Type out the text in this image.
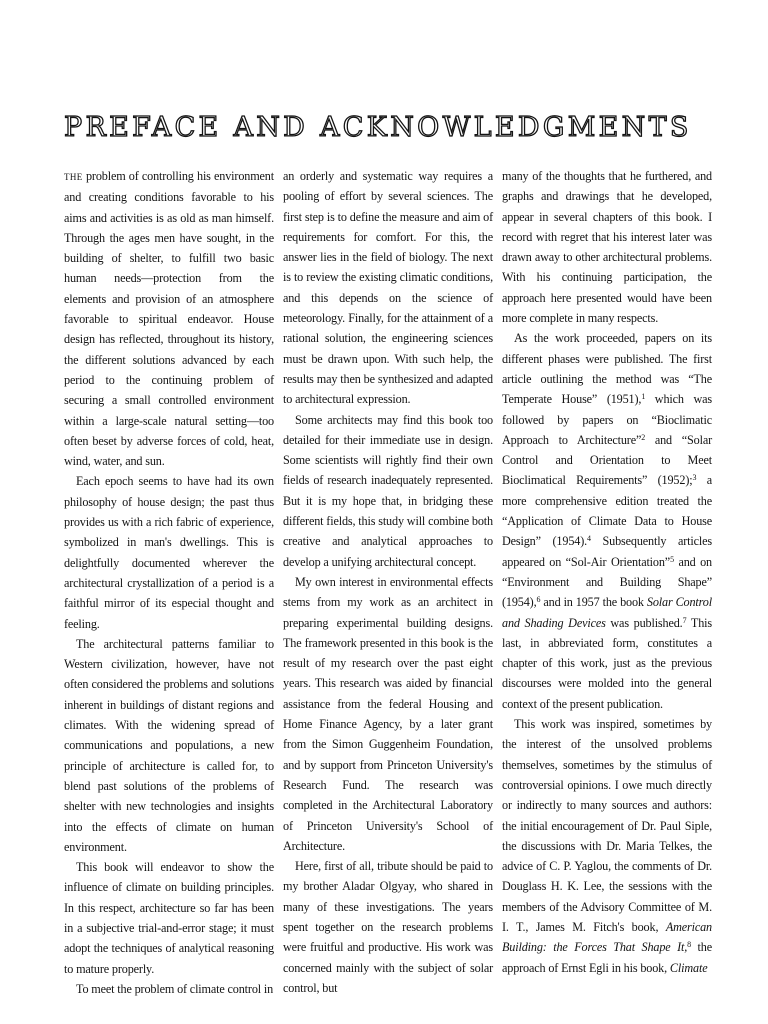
PREFACE AND ACKNOWLEDGMENTS

THE problem of controlling his environment and creating conditions favorable to his aims and activities is as old as man himself. Through the ages men have sought, in the building of shelter, to fulfill two basic human needs—protection from the elements and provision of an atmosphere favorable to spiritual endeavor. House design has reflected, throughout its history, the different solutions advanced by each period to the continuing problem of securing a small controlled environment within a large-scale natural setting—too often beset by adverse forces of cold, heat, wind, water, and sun.

Each epoch seems to have had its own philosophy of house design; the past thus provides us with a rich fabric of experience, symbolized in man's dwellings. This is delightfully documented wherever the architectural crystallization of a period is a faithful mirror of its especial thought and feeling.

The architectural patterns familiar to Western civilization, however, have not often considered the problems and solutions inherent in buildings of distant regions and climates. With the widening spread of communications and populations, a new principle of architecture is called for, to blend past solutions of the problems of shelter with new technologies and insights into the effects of climate on human environment.

This book will endeavor to show the influence of climate on building principles. In this respect, architecture so far has been in a subjective trial-and-error stage; it must adopt the techniques of analytical reasoning to mature properly.

To meet the problem of climate control in

an orderly and systematic way requires a pooling of effort by several sciences. The first step is to define the measure and aim of requirements for comfort. For this, the answer lies in the field of biology. The next is to review the existing climatic conditions, and this depends on the science of meteorology. Finally, for the attainment of a rational solution, the engineering sciences must be drawn upon. With such help, the results may then be synthesized and adapted to architectural expression.

Some architects may find this book too detailed for their immediate use in design. Some scientists will rightly find their own fields of research inadequately represented. But it is my hope that, in bridging these different fields, this study will combine both creative and analytical approaches to develop a unifying architectural concept.

My own interest in environmental effects stems from my work as an architect in preparing experimental building designs. The framework presented in this book is the result of my research over the past eight years. This research was aided by financial assistance from the federal Housing and Home Finance Agency, by a later grant from the Simon Guggenheim Foundation, and by support from Princeton University's Research Fund. The research was completed in the Architectural Laboratory of Princeton University's School of Architecture.

Here, first of all, tribute should be paid to my brother Aladar Olgyay, who shared in many of these investigations. The years spent together on the research problems were fruitful and productive. His work was concerned mainly with the subject of solar control, but

many of the thoughts that he furthered, and graphs and drawings that he developed, appear in several chapters of this book. I record with regret that his interest later was drawn away to other architectural problems. With his continuing participation, the approach here presented would have been more complete in many respects.

As the work proceeded, papers on its different phases were published. The first article outlining the method was “The Temperate House” (1951),$^1$ which was followed by papers on “Bioclimatic Approach to Architecture”$^2$ and “Solar Control and Orientation to Meet Bioclimatical Requirements” (1952);$^3$ a more comprehensive edition treated the “Application of Climate Data to House Design” (1954).$^4$ Subsequently articles appeared on “Sol-Air Orientation”$^5$ and on “Environment and Building Shape” (1954),$^6$ and in 1957 the book Solar Control and Shading Devices was published.$^7$ This last, in abbreviated form, constitutes a chapter of this work, just as the previous discourses were molded into the general context of the present publication.

This work was inspired, sometimes by the interest of the unsolved problems themselves, sometimes by the stimulus of controversial opinions. I owe much directly or indirectly to many sources and authors: the initial encouragement of Dr. Paul Siple, the discussions with Dr. Maria Telkes, the advice of C. P. Yaglou, the comments of Dr. Douglass H. K. Lee, the sessions with the members of the Advisory Committee of M. I. T., James M. Fitch's book, American Building: the Forces That Shape It,$^8$ the approach of Ernst Egli in his book, Climate
